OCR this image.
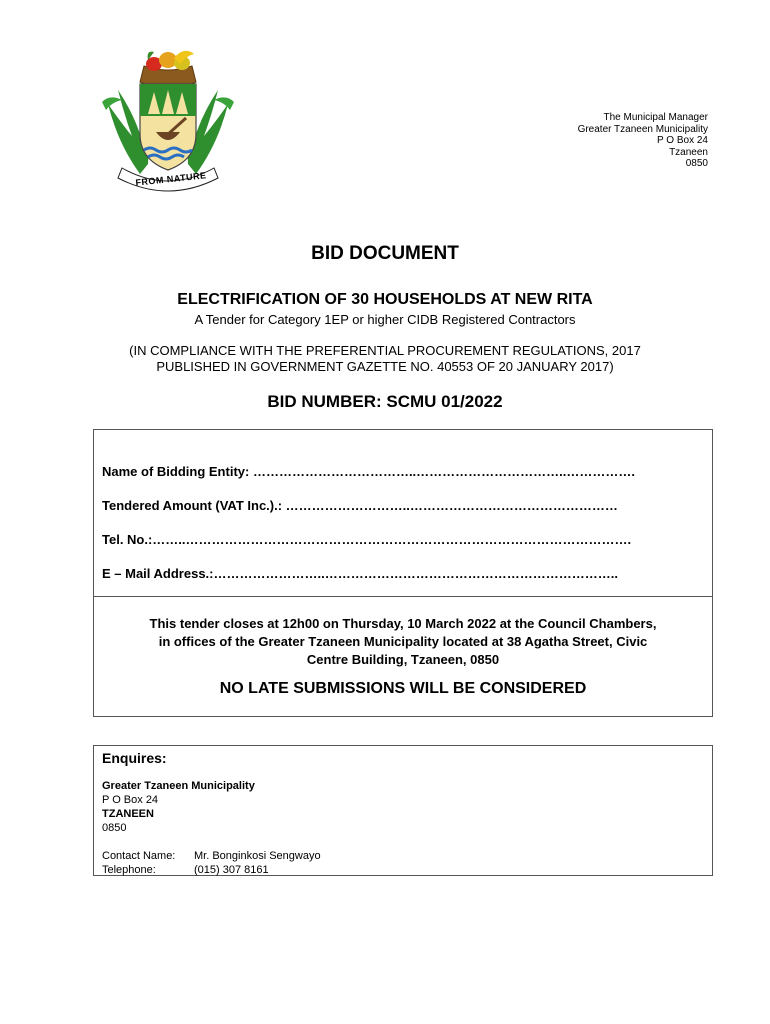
FROM NATURE
The Municipal Manager
Greater Tzaneen Municipality
P O Box 24
Tzaneen
0850
BID DOCUMENT
ELECTRIFICATION OF 30 HOUSEHOLDS AT NEW RITA
A Tender for Category 1EP or higher CIDB Registered Contractors
(IN COMPLIANCE WITH THE PREFERENTIAL PROCUREMENT REGULATIONS, 2017
PUBLISHED IN GOVERNMENT GAZETTE NO. 40553 OF 20 JANUARY 2017)
BID NUMBER: SCMU 01/2022
Name of Bidding Entity: ………………………………..……………………………..…………….
Tendered Amount (VAT Inc.).: ………………………..…………………………………………
Tel. No.:……..………………………………………………………………………………………….
E – Mail Address.:……………………..…………………………………………………………..
This tender closes at 12h00 on Thursday, 10 March 2022 at the Council Chambers,
in offices of the Greater Tzaneen Municipality located at 38 Agatha Street, Civic
Centre Building, Tzaneen, 0850
NO LATE SUBMISSIONS WILL BE CONSIDERED
Enquires:
Greater Tzaneen Municipality
P O Box 24
TZANEEN
0850
Contact Name: Mr. Bonginkosi Sengwayo
Telephone:	(015) 307 8161
